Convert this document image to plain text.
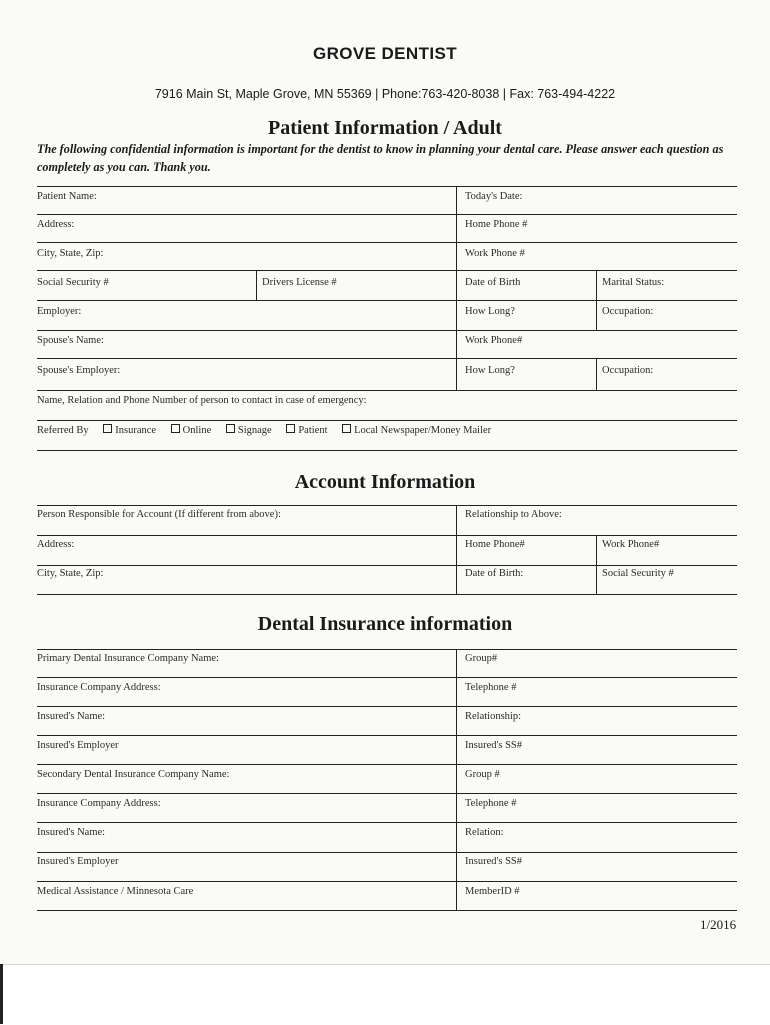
GROVE DENTIST
7916 Main St, Maple Grove, MN 55369 | Phone:763-420-8038 | Fax: 763-494-4222
Patient Information / Adult
The following confidential information is important for the dentist to know in planning your dental care. Please answer each question as completely as you can. Thank you.
Patient Name:	Today's Date:
Address:	Home Phone #
City, State, Zip:	Work Phone #
Social Security #	Drivers License #	Date of Birth	Marital Status:
Employer:	How Long?	Occupation:
Spouse's Name:	Work Phone#
Spouse's Employer:	How Long?	Occupation:
Name, Relation and Phone Number of person to contact in case of emergency:
Referred By	Insurance	Online	Signage	Patient	Local Newspaper/Money Mailer
Account Information
Person Responsible for Account (If different from above):	Relationship to Above:
Address:	Home Phone#	Work Phone#
City, State, Zip:	Date of Birth:	Social Security #
Dental Insurance information
Primary Dental Insurance Company Name:	Group#
Insurance Company Address:	Telephone #
Insured's Name:	Relationship:
Insured's Employer	Insured's SS#
Secondary Dental Insurance Company Name:	Group #
Insurance Company Address:	Telephone #
Insured's Name:	Relation:
Insured's Employer	Insured's SS#
Medical Assistance / Minnesota Care	MemberID #
1/2016
